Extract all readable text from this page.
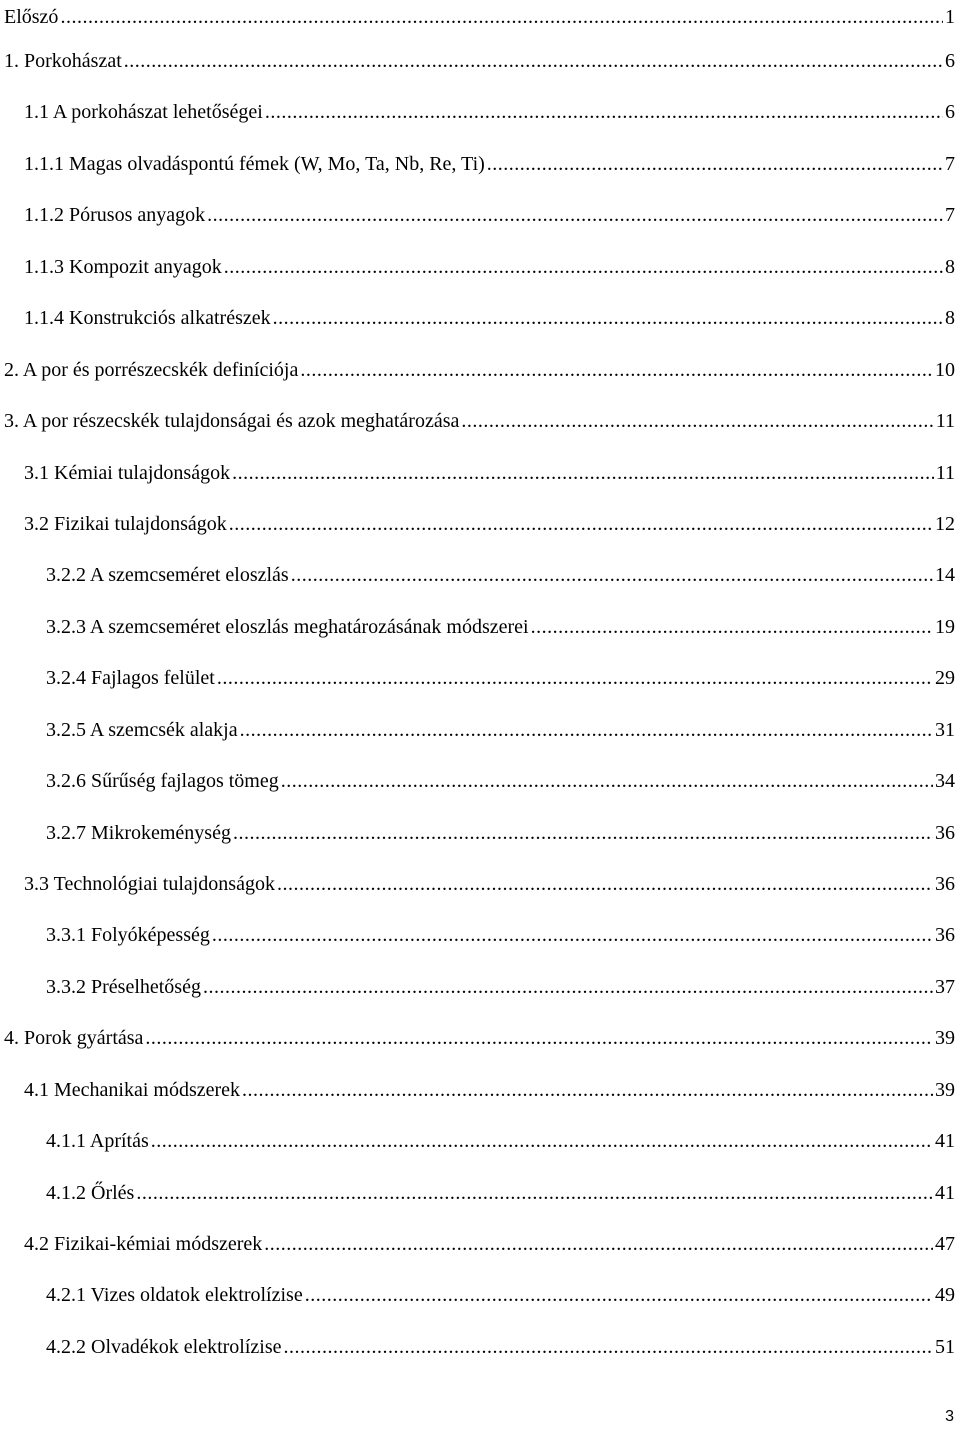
Előszó .....	1
1. Porkohászat .....	6
1.1 A porkohászat lehetőségei .....	6
1.1.1 Magas olvadáspontú fémek (W, Mo, Ta, Nb, Re, Ti) .....	7
1.1.2 Pórusos anyagok .....	7
1.1.3 Kompozit anyagok .....	8
1.1.4 Konstrukciós alkatrészek .....	8
2. A por és porrészecskék definíciója .....	10
3. A por részecskék tulajdonságai és azok meghatározása .....	11
3.1 Kémiai tulajdonságok .....	11
3.2 Fizikai tulajdonságok .....	12
3.2.2 A szemcseméret eloszlás .....	14
3.2.3 A szemcseméret eloszlás meghatározásának módszerei .....	19
3.2.4 Fajlagos felület .....	29
3.2.5 A szemcsék alakja .....	31
3.2.6 Sűrűség fajlagos tömeg .....	34
3.2.7 Mikrokeménység .....	36
3.3 Technológiai tulajdonságok .....	36
3.3.1 Folyóképesség .....	36
3.3.2 Préselhetőség .....	37
4. Porok gyártása .....	39
4.1 Mechanikai módszerek .....	39
4.1.1 Aprítás .....	41
4.1.2 Őrlés .....	41
4.2 Fizikai-kémiai módszerek .....	47
4.2.1 Vizes oldatok elektrolízise .....	49
4.2.2 Olvadékok elektrolízise .....	51
3
